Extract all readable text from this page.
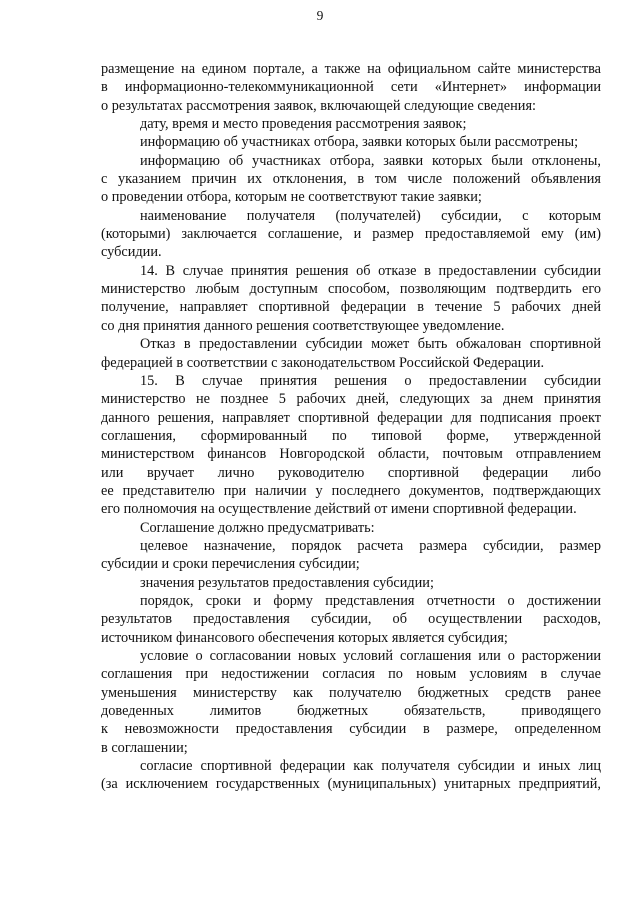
9
размещение на едином портале, а также на официальном сайте министерства
в информационно-телекоммуникационной сети «Интернет» информации
о результатах рассмотрения заявок, включающей следующие сведения:
дату, время и место проведения рассмотрения заявок;
информацию об участниках отбора, заявки которых были рассмотрены;
информацию об участниках отбора, заявки которых были отклонены,
с указанием причин их отклонения, в том числе положений объявления
о проведении отбора, которым не соответствуют такие заявки;
наименование получателя (получателей) субсидии, с которым
(которыми) заключается соглашение, и размер предоставляемой ему (им)
субсидии.
14. В случае принятия решения об отказе в предоставлении субсидии
министерство любым доступным способом, позволяющим подтвердить его
получение, направляет спортивной федерации в течение 5 рабочих дней
со дня принятия данного решения соответствующее уведомление.
Отказ в предоставлении субсидии может быть обжалован спортивной
федерацией в соответствии с законодательством Российской Федерации.
15. В случае принятия решения о предоставлении субсидии
министерство не позднее 5 рабочих дней, следующих за днем принятия
данного решения, направляет спортивной федерации для подписания проект
соглашения, сформированный по типовой форме, утвержденной
министерством финансов Новгородской области, почтовым отправлением
или вручает лично руководителю спортивной федерации либо
ее представителю при наличии у последнего документов, подтверждающих
его полномочия на осуществление действий от имени спортивной федерации.
Соглашение должно предусматривать:
целевое назначение, порядок расчета размера субсидии, размер
субсидии и сроки перечисления субсидии;
значения результатов предоставления субсидии;
порядок, сроки и форму представления отчетности о достижении
результатов предоставления субсидии, об осуществлении расходов,
источником финансового обеспечения которых является субсидия;
условие о согласовании новых условий соглашения или о расторжении
соглашения при недостижении согласия по новым условиям в случае
уменьшения министерству как получателю бюджетных средств ранее
доведенных лимитов бюджетных обязательств, приводящего
к невозможности предоставления субсидии в размере, определенном
в соглашении;
согласие спортивной федерации как получателя субсидии и иных лиц
(за исключением государственных (муниципальных) унитарных предприятий,
